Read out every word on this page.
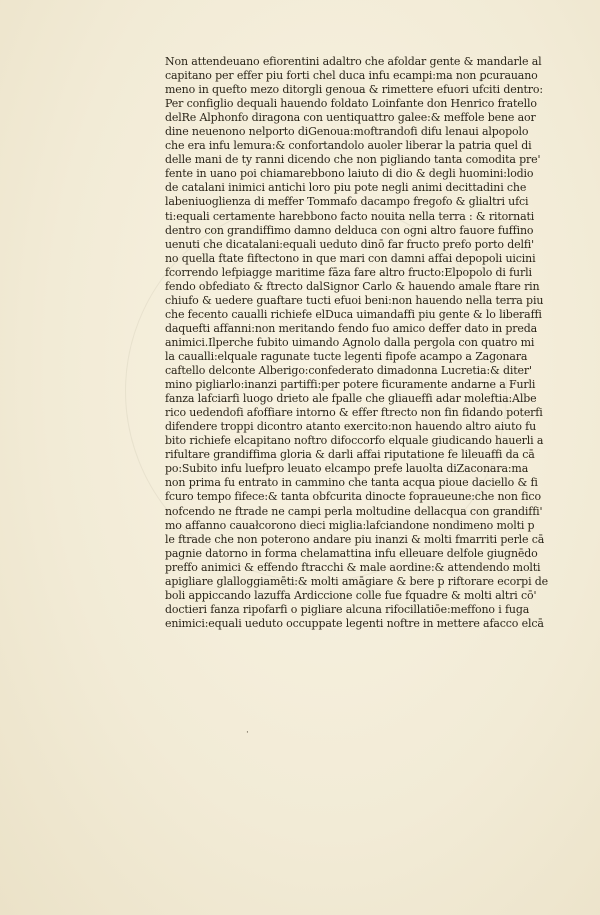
Non attendeuano efiorentini adaltro che afoldar gente & mandarle al
capitano per effer piu forti chel duca infu ecampi:ma non ꝑcurauano
meno in quefto mezo ditorgli genoua & rimettere efuori ufciti dentro:
Per configlio dequali hauendo foldato Loinfante don Henrico fratello
delRe Alphonfo diragona con uentiquattro galee:& meffole bene aor
dine neuenono nelporto diGenoua:moftrandofi difu lenaui alpopolo
che era infu lemura:& confortandolo auoler liberar la patria quel di
delle mani de ty ranni dicendo che non pigliando tanta comodita pre'
fente in uano poi chiamarebbono laiuto di dio & degli huomini:lodio
de catalani inimici antichi loro piu pote negli animi decittadini che
labeniuoglienza di meffer Tommafo dacampo fregofo & glialtri ufci
ti:equali certamente harebbono facto nouita nella terra : & ritornati
dentro con grandiffimo damno delduca con ogni altro fauore fuffino
uenuti che dicatalani:equali ueduto dinō far fructo prefo porto delfi'
no quella ftate fiftectono in que mari con damni affai depopoli uicini
fcorrendo lefpiagge maritime fāza fare altro fructo:Elpopolo di furli
fendo obfediato & ftrecto dalSignor Carlo & hauendo amale ftare rin
chiufo & uedere guaftare tucti efuoi beni:non hauendo nella terra piu
che fecento caualli richiefe elDuca uimandaffi piu gente & lo liberaffi
daquefti affanni:non meritando fendo fuo amico deffer dato in preda
animici.Ilperche fubito uimando Agnolo dalla pergola con quatro mi
la caualli:elquale ragunate tucte legenti fipofe acampo a Zagonara
caftello delconte Alberigo:confederato dimadonna Lucretia:& diter'
mino pigliarlo:inanzi partiffi:per potere ficuramente andarne a Furli
fanza lafciarfi luogo drieto ale fpalle che gliaueffi adar moleftia:Albe
rico uedendofi afoffiare intorno & effer ftrecto non fin fidando poterfi
difendere troppi dicontro atanto exercito:non hauendo altro aiuto fu
bito richiefe elcapitano noftro difoccorfo elquale giudicando hauerli a
rifultare grandiffima gloria & darli affai riputatione fe lileuaffi da cā
po:Subito infu luefpro leuato elcampo prefe lauolta diZaconara:ma
non prima fu entrato in cammino che tanta acqua pioue daciello & fi
fcuro tempo fifece:& tanta obfcurita dinocte fopraueune:che non fico
nofcendo ne ftrade ne campi perla moltudine dellacqua con grandiffi'
mo affanno cauałcorono dieci miglia:lafciandone nondimeno molti p
le ftrade che non poterono andare piu inanzi & molti fmarriti perle cā
pagnie datorno in forma chelamattina infu elleuare delfole giugnēdo
preffo animici & effendo ftracchi & male aordine:& attendendo molti
apigliare glalloggiamēti:& molti amāgiare & bere p riftorare ecorpi de
boli appiccando lazuffa Ardiccione colle fue fquadre & molti altri cō'
doctieri fanza ripofarfi o pigliare alcuna rifocillatiōe:meffono i fuga
enimici:equali ueduto occuppate legenti noftre in mettere afacco elcā
·
